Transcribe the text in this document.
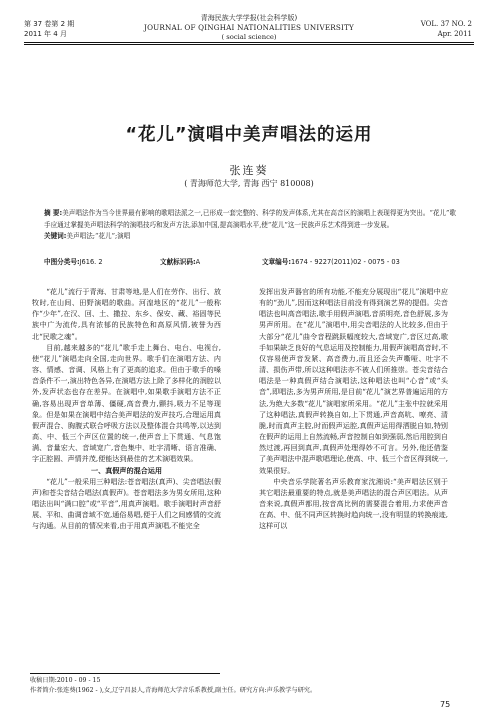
第 37 卷第 2 期
2011 年 4 月
青海民族大学学报(社会科学版)
JOURNAL OF QINGHAI NATIONALITIES UNIVERSITY
( social science)
VOL. 37 NO. 2
Apr. 2011
“花儿”演唱中美声唱法的运用
张连葵
( 青海师范大学, 青海 西宁 810008)
摘 要:美声唱法作为当今世界最有影响的歌唱法派之一,已形成一套完整的、科学的发声体系,尤其在高音区的演唱上表现得更为突出。“花儿”歌手应通过掌握美声唱法科学的演唱技巧和发声方法,添加中国,提高演唱水平,使“花儿”这一民族声乐艺术得到进一步发展。
关键词:美声唱法;“花儿”;演唱
中图分类号:J616. 2	文献标识码:A	文章编号:1674 - 9227(2011)02 - 0075 - 03

“花儿”流行于青海、甘肃等地,是人们在劳作、出行、放牧时,在山间、田野演唱的歌曲。河湟地区的“花儿”一般称作“少年”,在汉、回、土、撒拉、东乡、保安、藏、裕固等民族中广为流传,具有浓郁的民族特色和高原风情,被誉为西北“民歌之魂”。

目前,越来越多的“花儿”歌手走上舞台、电台、电视台,使“花儿”演唱走向全国,走向世界。歌手们在演唱方法、内容、情感、音调、风格上有了更高的追求。但由于歌手的嗓音条件不一,演出特色各异,在演唱方法上除了多样化的润腔以外,发声状态也存在差异。在演唱中,如果歌手演唱方法不正确,容易出现声音单薄、僵硬,高音费力,颤抖,吸力不足等现象。但是如果在演唱中结合美声唱法的发声技巧,合理运用真假声混合、胸腹式联合呼吸方法以及整体混合共鸣等,以达到高、中、低三个声区位置的统一,使声音上下贯通、气息饱满、音量宏大、音域宽广,音色集中、吐字清晰、语言准确、字正腔圆、声情并茂,便能达到最佳的艺术演唱效果。

一、真假声的混合运用

“花儿”一般采用三种唱法:苍音唱法(真声)、尖音唱法(假声)和苍尖音结合唱法(真假声)。苍音唱法多为男女所用,这种唱法出叫“满口腔”或“平音”,用真声演唱。歌手演唱时声音舒展、平和、曲调音域不宽,通俗易唱,便于人们之间感情的交流与沟通。从目前的情况来看,由于用真声演唱,不能完全

发挥出发声器官的所有功能,不能充分展现出“花儿”演唱中应有的“劲儿”,因而这种唱法目前没有得到演艺界的提倡。尖音唱法也叫高音唱法,歌手用假声演唱,音质明亮,音色舒展,多为男声所用。在“花儿”演唱中,用尖音唱法的人比较多,但由于大部分“花儿”曲令音程跳跃幅度较大,音域宽广,音区过高,歌手如果缺乏良好的气息运用及控制能力,用假声演唱高音时,不仅容易使声音发紧、高音费力,而且还会失声嘶哑、吐字不清、损伤声带,所以这种唱法亦不被人们所推崇。苍尖音结合唱法是一种真假声结合演唱法,这种唱法也叫“心音”或“头音”,即唱法,多为男声所用,是目前“花儿”演艺界普遍运用的方法,为绝大多数“花儿”演唱家所采用。“花儿”主张中拉就采用了这种唱法,真假声转换自如,上下贯通,声音高吭、嘹亮、清脆,时而真声主腔,时而假声运腔,真假声运用得洒脱自如,特别在假声的运用上自然流畅,声音控制自如到强弱,然后用腔到自然过渡,再回到真声,真假声处理得妙不可言。另外,他还借鉴了美声唱法中混声歌唱理论,使高、中、低三个音区得到统一,效果很好。

中央音乐学院著名声乐教育家沈湘说:“美声唱法区别于其它唱法最重要的特点,就是美声唱法的混合声区唱法。从声音来说,真假声都用,按音高比例的需要混合着用,力求使声音在高、中、低不同声区转换时趋向统一,没有明显的转换痕迹,这样可以

收稿日期:2010 - 09 - 15
作者简介:张连葵(1962 - ),女,辽宁昌县人,青海师范大学音乐系教授,副主任。研究方向:声乐教学与研究。
75
